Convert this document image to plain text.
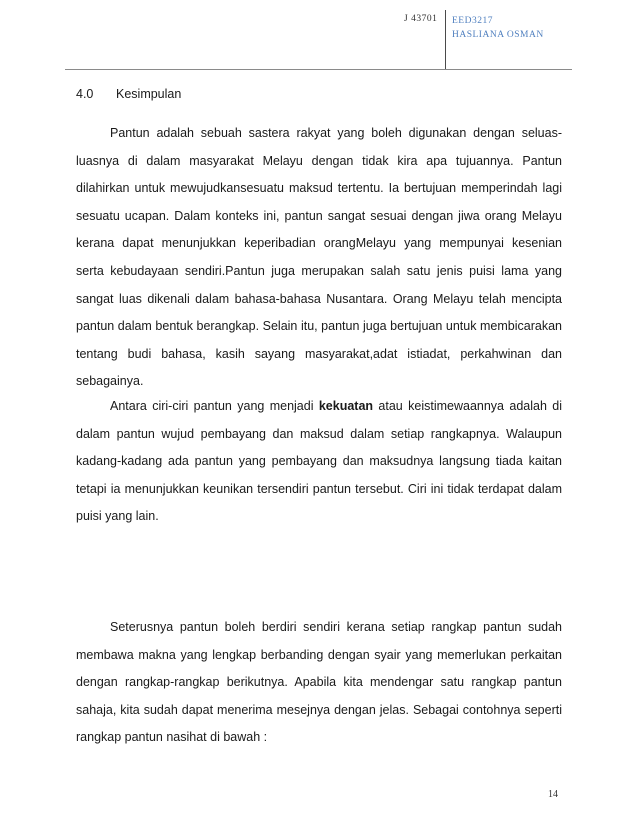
J 43701	EED3217
HASLIANA OSMAN
4.0 Kesimpulan
Pantun adalah sebuah sastera rakyat yang boleh digunakan dengan seluas-
luasnya di dalam masyarakat Melayu dengan tidak kira apa tujuannya. Pantun
dilahirkan untuk mewujudkansesuatu maksud tertentu. Ia bertujuan memperindah lagi
sesuatu ucapan. Dalam konteks ini, pantun sangat sesuai dengan jiwa orang Melayu
kerana dapat menunjukkan keperibadian orangMelayu yang mempunyai kesenian
serta kebudayaan sendiri.Pantun juga merupakan salah satu jenis puisi lama yang
sangat luas dikenali dalam bahasa-bahasa Nusantara. Orang Melayu telah mencipta
pantun dalam bentuk berangkap. Selain itu, pantun juga bertujuan untuk membicarakan
tentang budi bahasa, kasih sayang masyarakat,adat istiadat, perkahwinan dan
sebagainya.
Antara ciri-ciri pantun yang menjadi kekuatan atau keistimewaannya adalah di
dalam pantun wujud pembayang dan maksud dalam setiap rangkapnya. Walaupun
kadang-kadang ada pantun yang pembayang dan maksudnya langsung tiada kaitan
tetapi ia menunjukkan keunikan tersendiri pantun tersebut. Ciri ini tidak terdapat dalam
puisi yang lain.
Seterusnya pantun boleh berdiri sendiri kerana setiap rangkap pantun sudah
membawa makna yang lengkap berbanding dengan syair yang memerlukan perkaitan
dengan rangkap-rangkap berikutnya. Apabila kita mendengar satu rangkap pantun
sahaja, kita sudah dapat menerima mesejnya dengan jelas. Sebagai contohnya seperti
rangkap pantun nasihat di bawah :
14
